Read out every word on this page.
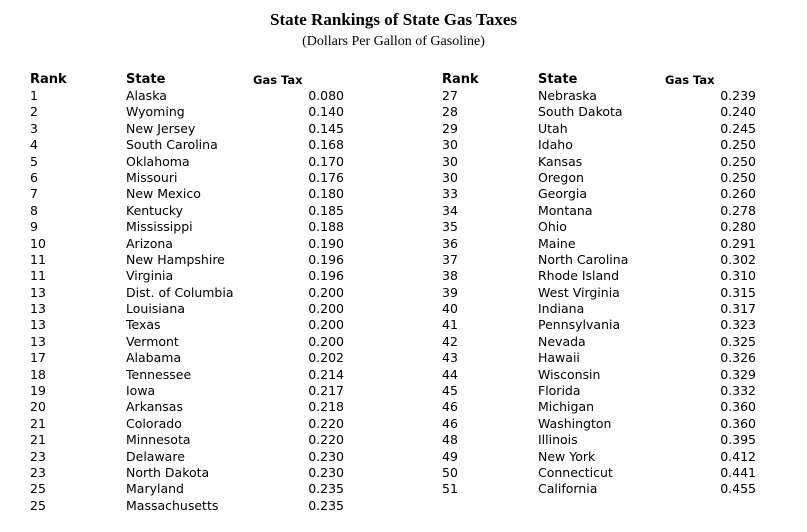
State Rankings of State Gas Taxes
(Dollars Per Gallon of Gasoline)
Rank	State	Gas Tax
1	Alaska	0.080
2	Wyoming	0.140
3	New Jersey	0.145
4	South Carolina	0.168
5	Oklahoma	0.170
6	Missouri	0.176
7	New Mexico	0.180
8	Kentucky	0.185
9	Mississippi	0.188
10	Arizona	0.190
11	New Hampshire	0.196
11	Virginia	0.196
13	Dist. of Columbia	0.200
13	Louisiana	0.200
13	Texas	0.200
13	Vermont	0.200
17	Alabama	0.202
18	Tennessee	0.214
19	Iowa	0.217
20	Arkansas	0.218
21	Colorado	0.220
21	Minnesota	0.220
23	Delaware	0.230
23	North Dakota	0.230
25	Maryland	0.235
25	Massachusetts	0.235
Rank	State	Gas Tax
27	Nebraska	0.239
28	South Dakota	0.240
29	Utah	0.245
30	Idaho	0.250
30	Kansas	0.250
30	Oregon	0.250
33	Georgia	0.260
34	Montana	0.278
35	Ohio	0.280
36	Maine	0.291
37	North Carolina	0.302
38	Rhode Island	0.310
39	West Virginia	0.315
40	Indiana	0.317
41	Pennsylvania	0.323
42	Nevada	0.325
43	Hawaii	0.326
44	Wisconsin	0.329
45	Florida	0.332
46	Michigan	0.360
46	Washington	0.360
48	Illinois	0.395
49	New York	0.412
50	Connecticut	0.441
51	California	0.455
